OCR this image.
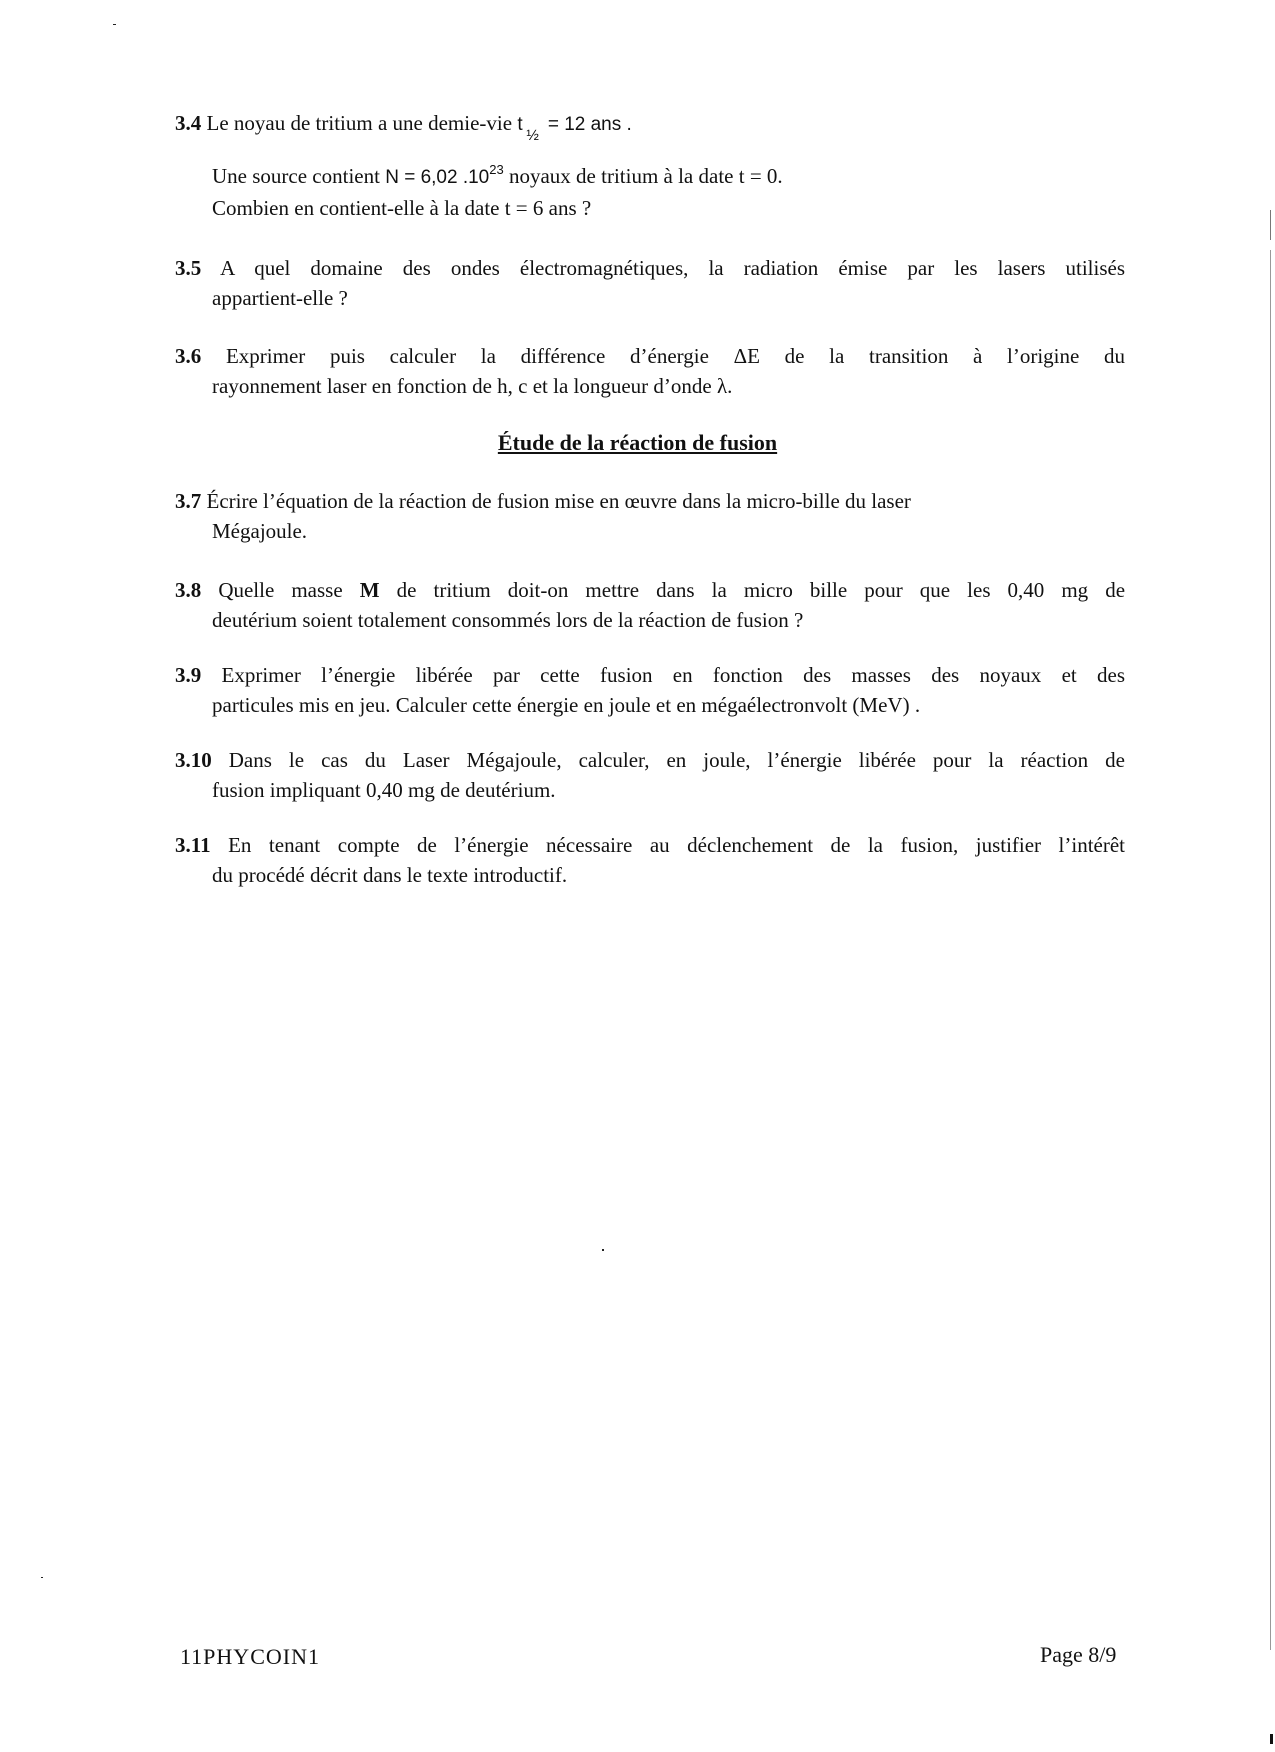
3.4 Le noyau de tritium a une demie-vie t½ = 12 ans .
Une source contient N = 6,02 $.10^{23}$ noyaux de tritium à la date t = 0.
Combien en contient-elle à la date t = 6 ans ?
3.5 A quel domaine des ondes électromagnétiques, la radiation émise par les lasers utilisés
appartient-elle ?
3.6 Exprimer puis calculer la différence d’énergie ΔE de la transition à l’origine du
rayonnement laser en fonction de h, c et la longueur d’onde λ.
Étude de la réaction de fusion
3.7 Écrire l’équation de la réaction de fusion mise en œuvre dans la micro-bille du laser
Mégajoule.
3.8 Quelle masse M de tritium doit-on mettre dans la micro bille pour que les 0,40 mg de
deutérium soient totalement consommés lors de la réaction de fusion ?
3.9 Exprimer l’énergie libérée par cette fusion en fonction des masses des noyaux et des
particules mis en jeu. Calculer cette énergie en joule et en mégaélectronvolt (MeV) .
3.10 Dans le cas du Laser Mégajoule, calculer, en joule, l’énergie libérée pour la réaction de
fusion impliquant 0,40 mg de deutérium.
3.11 En tenant compte de l’énergie nécessaire au déclenchement de la fusion, justifier l’intérêt
du procédé décrit dans le texte introductif.
11PHYCOIN1	Page 8/9
